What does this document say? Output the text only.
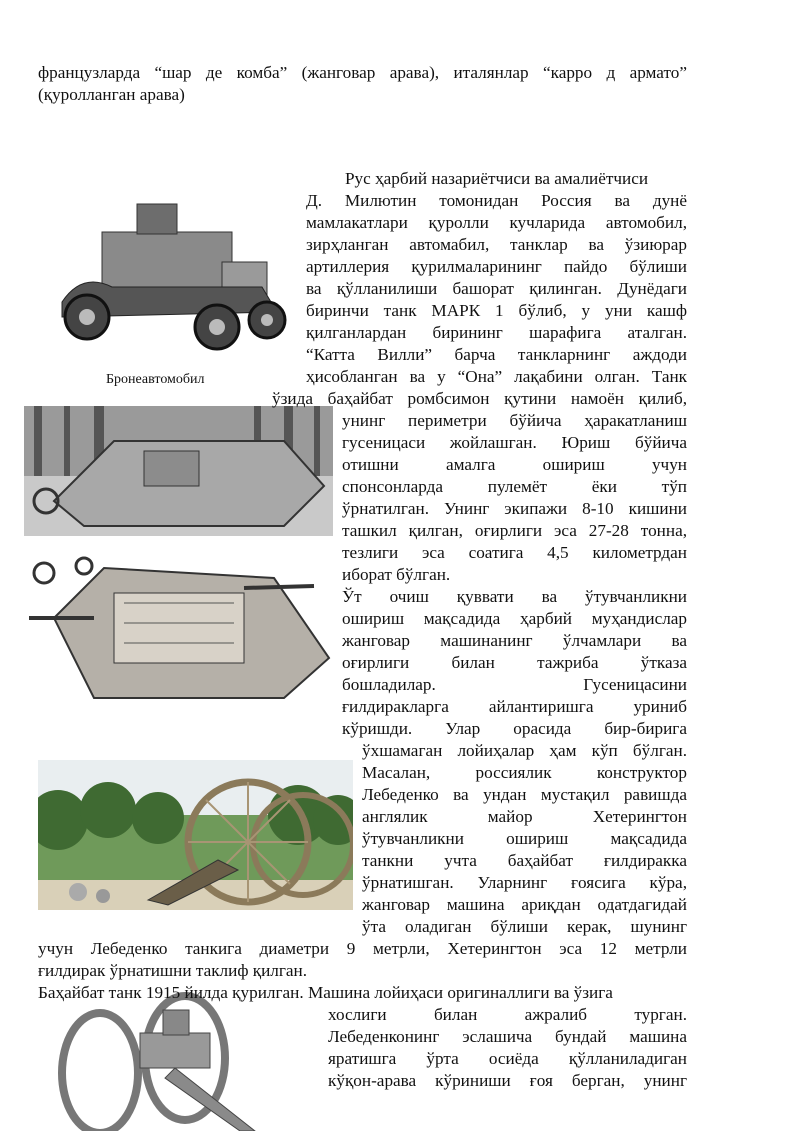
Бронеавтомобил
французларда “шар де комба” (жанговар арава), италянлар “карро д армато”
(қуролланган арава)
Рус ҳарбий назариётчиси ва амалиётчиси
Д. Милютин томонидан Россия ва дунё
мамлакатлари қуролли кучларида автомобил,
зирҳланган автомабил, танклар ва ўзиюрар
артиллерия қурилмаларининг пайдо бўлиши
ва қўлланилиши башорат қилинган. Дунёдаги
биринчи танк МАРК 1 бўлиб, у уни кашф
қилганлардан бирининг шарафига аталган.
“Катта Вилли” барча танкларнинг аждоди
ҳисобланган ва у “Она” лақабини олган. Танк
ўзида баҳайбат ромбсимон қутини намоён қилиб,
унинг периметри бўйича ҳаракатланиш
гусеницаси жойлашган. Юриш бўйича
отишни амалга ошириш учун
спонсонларда пулемёт ёки тўп
ўрнатилган. Унинг экипажи 8-10 кишини
ташкил қилган, оғирлиги эса 27-28 тонна,
тезлиги эса соатига 4,5 километрдан
иборат бўлган.
Ўт очиш қуввати ва ўтувчанликни
ошириш мақсадида ҳарбий муҳандислар
жанговар машинанинг ўлчамлари ва
оғирлиги билан тажриба ўтказа
бошладилар. Гусеницасини
ғилдиракларга айлантиришга уриниб
кўришди. Улар орасида бир-бирига
ўхшамаган лойиҳалар ҳам кўп бўлган.
Масалан, россиялик конструктор
Лебеденко ва ундан мустақил равишда
англялик майор Хетерингтон
ўтувчанликни ошириш мақсадида
танкни учта баҳайбат ғилдиракка
ўрнатишган. Уларнинг ғоясига кўра,
жанговар машина ариқдан одатдагидай
ўта оладиган бўлиши керак, шунинг
учун Лебеденко танкига диаметри 9 метрли, Хетерингтон эса 12 метрли
ғилдирак ўрнатишни таклиф қилган.
Баҳайбат танк 1915 йилда қурилган. Машина лойиҳаси оригиналлиги ва ўзига
хослиги билан ажралиб турган.
Лебеденконинг эслашича бундай машина
яратишга ўрта осиёда қўлланиладиган
кўқон-арава кўриниши ғоя берган, унинг
